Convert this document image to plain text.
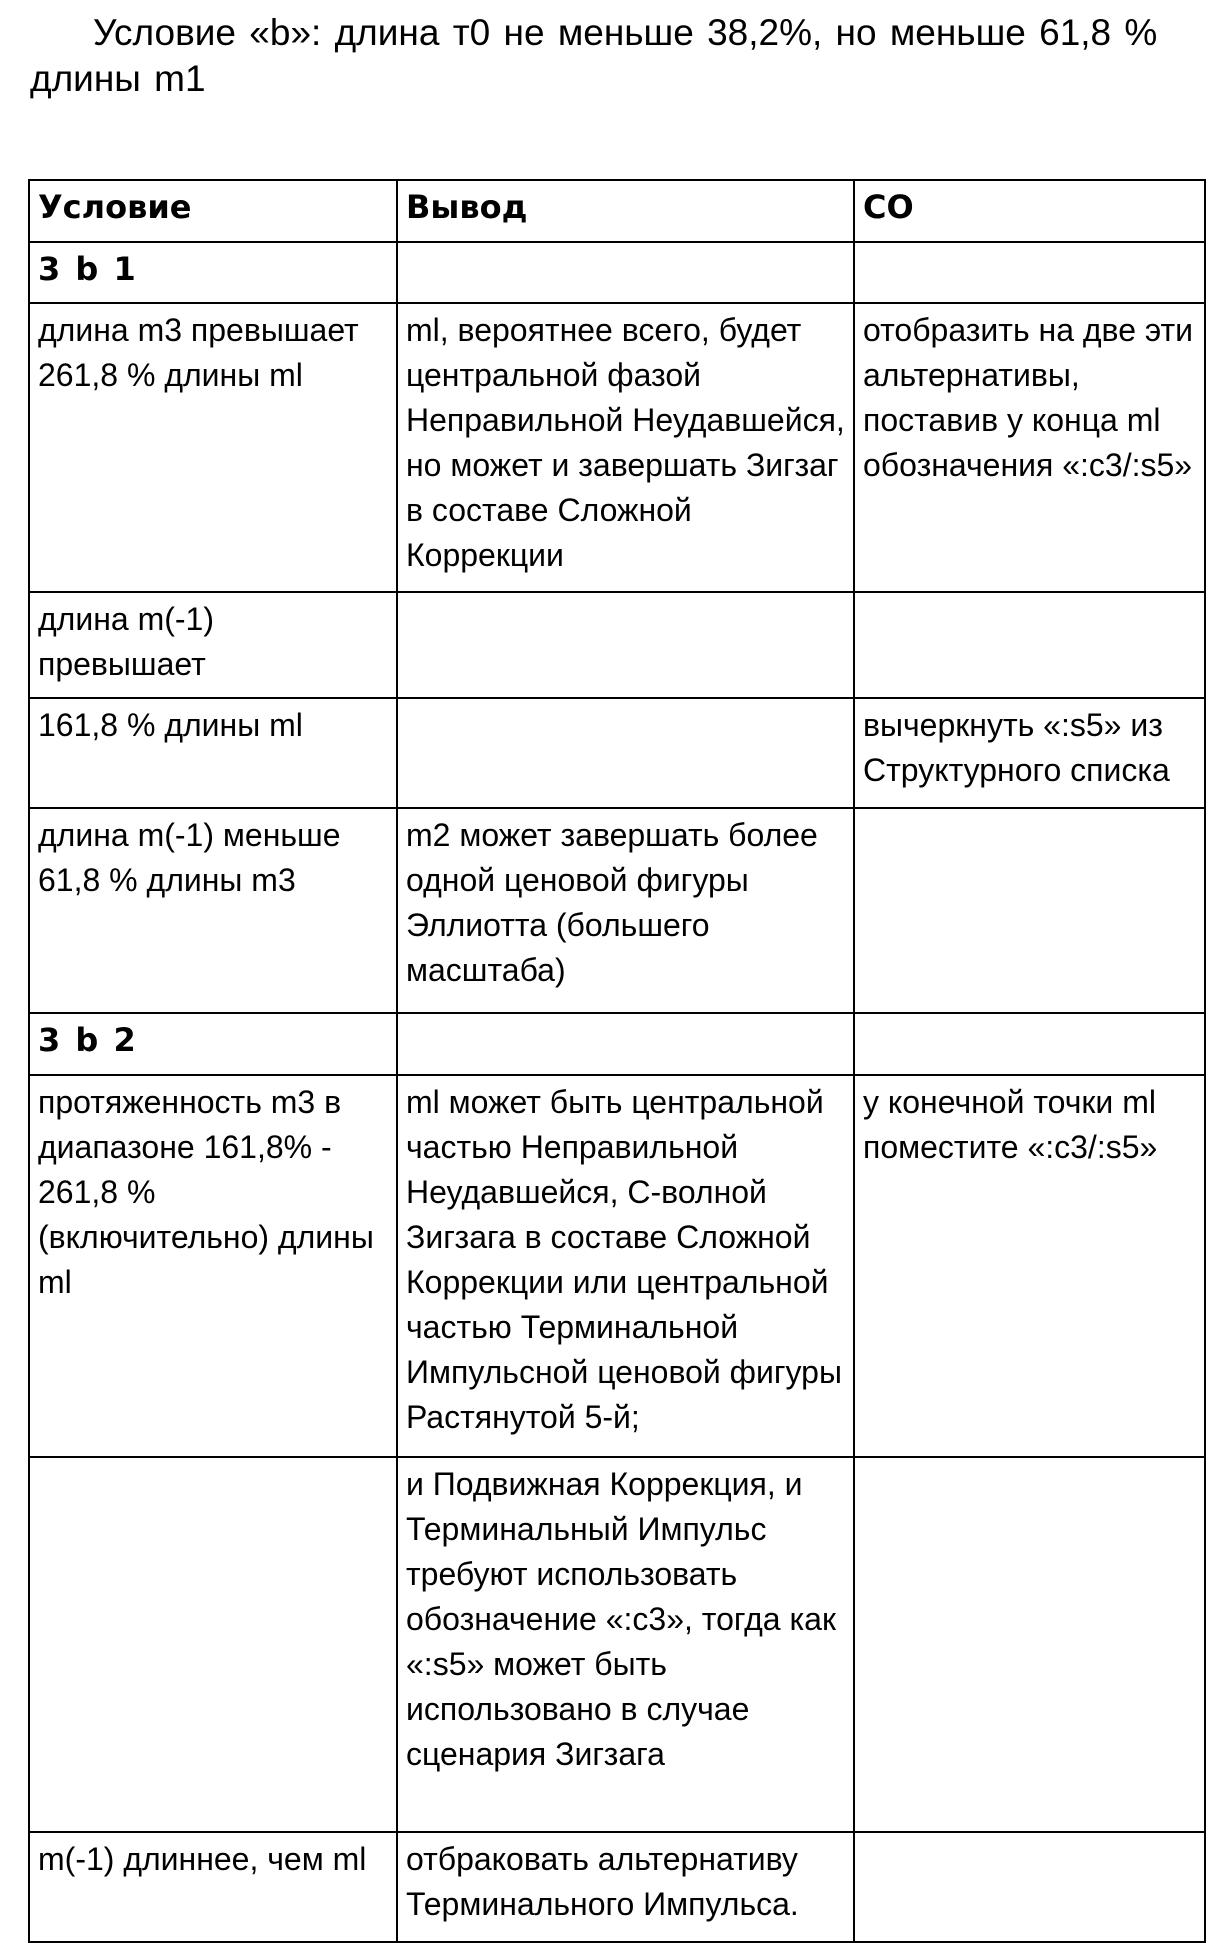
Условие «b»: длина т0 не меньше 38,2%, но меньше 61,8 % длины m1

Условие	Вывод	СО
3 b 1		
длина m3 превышает 261,8 % длины ml	ml, вероятнее всего, будет центральной фазой Неправильной Неудавшейся, но может и завершать Зигзаг в составе Сложной Коррекции	отобразить на две эти альтернативы, поставив у конца ml обозначения «:c3/:s5»
длина m(-1) превышает		
161,8 % длины ml		вычеркнуть «:s5» из Структурного списка
длина m(-1) меньше 61,8 % длины m3	m2 может завершать более одной ценовой фигуры Эллиотта (большего масштаба)	
3 b 2		
протяженность m3 в диапазоне 161,8% - 261,8 % (включительно) длины ml	ml может быть центральной частью Неправильной Неудавшейся, С-волной Зигзага в составе Сложной Коррекции или центральной частью Терминальной Импульсной ценовой фигуры Растянутой 5-й;	у конечной точки ml поместите «:c3/:s5»
	и Подвижная Коррекция, и Терминальный Импульс требуют использовать обозначение «:c3», тогда как «:s5» может быть использовано в случае сценария Зигзага	
m(-1) длиннее, чем ml	отбраковать альтернативу Терминального Импульса.	
